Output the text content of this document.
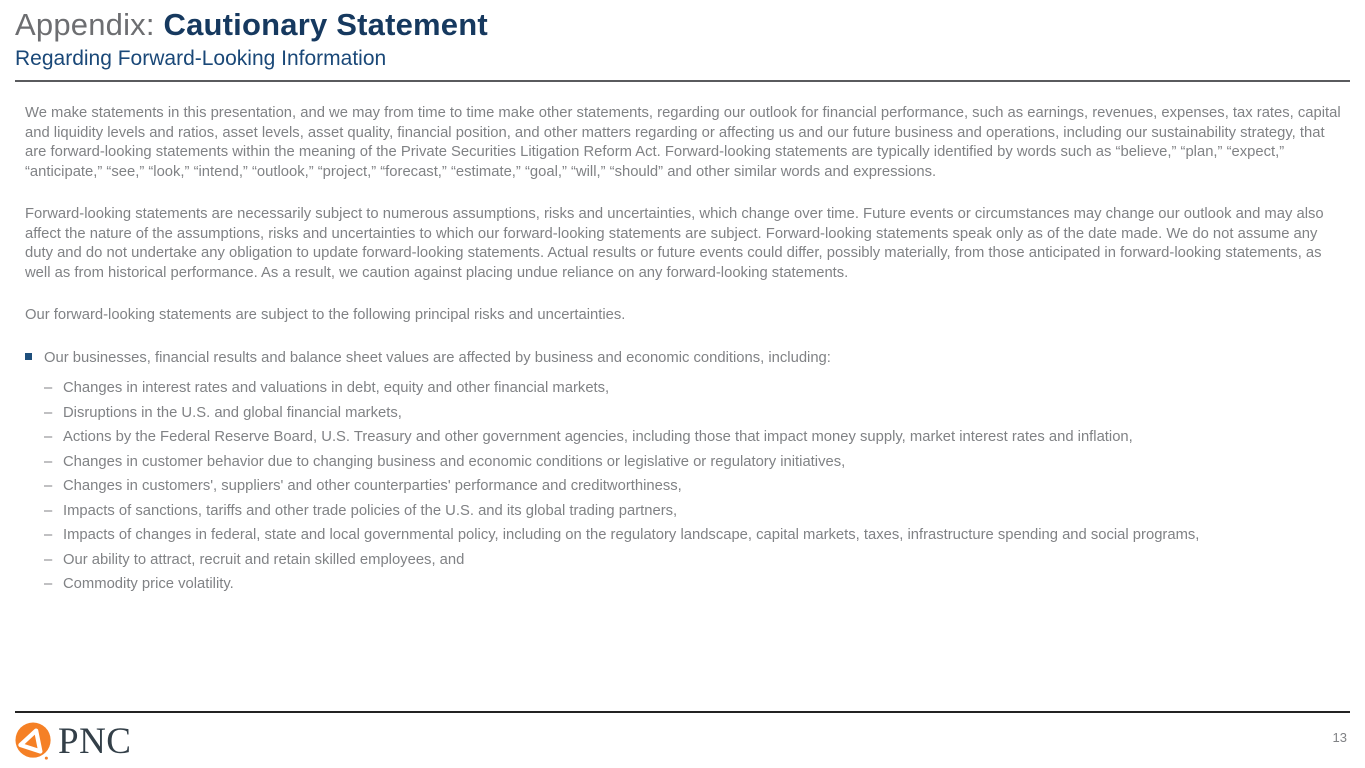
Appendix: Cautionary Statement
Regarding Forward-Looking Information

We make statements in this presentation, and we may from time to time make other statements, regarding our outlook for financial performance, such as earnings, revenues, expenses, tax rates, capital and liquidity levels and ratios, asset levels, asset quality, financial position, and other matters regarding or affecting us and our future business and operations, including our sustainability strategy, that are forward-looking statements within the meaning of the Private Securities Litigation Reform Act. Forward-looking statements are typically identified by words such as “believe,” “plan,” “expect,” “anticipate,” “see,” “look,” “intend,” “outlook,” “project,” “forecast,” “estimate,” “goal,” “will,” “should” and other similar words and expressions.

Forward-looking statements are necessarily subject to numerous assumptions, risks and uncertainties, which change over time. Future events or circumstances may change our outlook and may also affect the nature of the assumptions, risks and uncertainties to which our forward-looking statements are subject. Forward-looking statements speak only as of the date made. We do not assume any duty and do not undertake any obligation to update forward-looking statements. Actual results or future events could differ, possibly materially, from those anticipated in forward-looking statements, as well as from historical performance. As a result, we caution against placing undue reliance on any forward-looking statements.

Our forward-looking statements are subject to the following principal risks and uncertainties.

Our businesses, financial results and balance sheet values are affected by business and economic conditions, including:
– Changes in interest rates and valuations in debt, equity and other financial markets,
– Disruptions in the U.S. and global financial markets,
– Actions by the Federal Reserve Board, U.S. Treasury and other government agencies, including those that impact money supply, market interest rates and inflation,
– Changes in customer behavior due to changing business and economic conditions or legislative or regulatory initiatives,
– Changes in customers', suppliers' and other counterparties' performance and creditworthiness,
– Impacts of sanctions, tariffs and other trade policies of the U.S. and its global trading partners,
– Impacts of changes in federal, state and local governmental policy, including on the regulatory landscape, capital markets, taxes, infrastructure spending and social programs,
– Our ability to attract, recruit and retain skilled employees, and
– Commodity price volatility.
PNC	13
